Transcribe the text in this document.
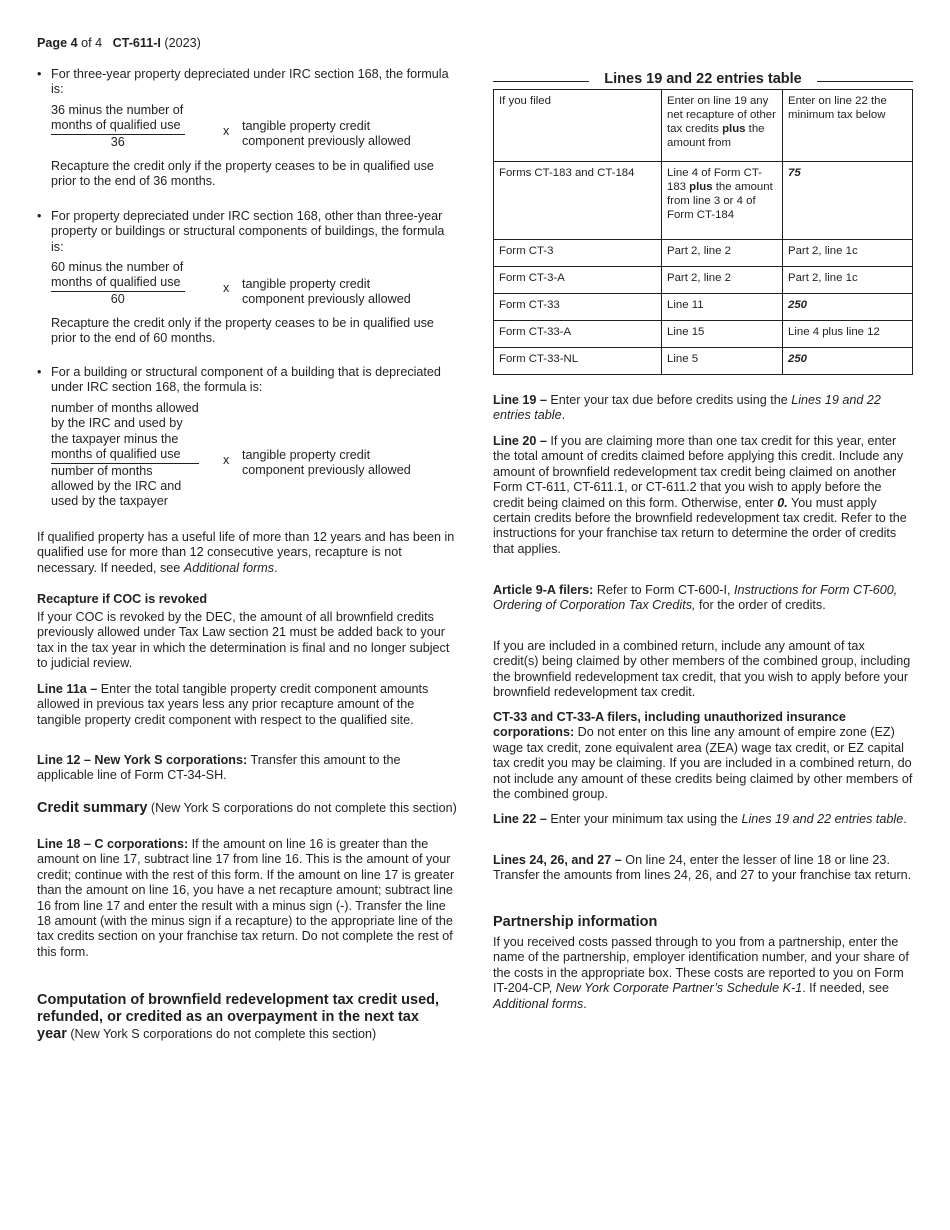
Page 4 of 4 CT-611-I (2023)
• For three-year property depreciated under IRC section 168, the formula is:

36 minus the number of
months of qualified use
36
x tangible property credit
component previously allowed

Recapture the credit only if the property ceases to be in qualified use prior to the end of 36 months.

• For property depreciated under IRC section 168, other than three-year property or buildings or structural components of buildings, the formula is:

60 minus the number of
months of qualified use
60
x tangible property credit
component previously allowed

Recapture the credit only if the property ceases to be in qualified use prior to the end of 60 months.

• For a building or structural component of a building that is depreciated under IRC section 168, the formula is:

number of months allowed
by the IRC and used by
the taxpayer minus the
months of qualified use
number of months
allowed by the IRC and
used by the taxpayer
x tangible property credit
component previously allowed

If qualified property has a useful life of more than 12 years and has been in qualified use for more than 12 consecutive years, recapture is not necessary. If needed, see Additional forms.

Recapture if COC is revoked

If your COC is revoked by the DEC, the amount of all brownfield credits previously allowed under Tax Law section 21 must be added back to your tax in the tax year in which the determination is final and no longer subject to judicial review.

Line 11a – Enter the total tangible property credit component amounts allowed in previous tax years less any prior recapture amount of the tangible property credit component with respect to the qualified site.

Line 12 – New York S corporations: Transfer this amount to the applicable line of Form CT-34-SH.

Credit summary (New York S corporations do not complete this section)

Line 18 – C corporations: If the amount on line 16 is greater than the amount on line 17, subtract line 17 from line 16. This is the amount of your credit; continue with the rest of this form. If the amount on line 17 is greater than the amount on line 16, you have a net recapture amount; subtract line 16 from line 17 and enter the result with a minus sign (-). Transfer the line 18 amount (with the minus sign if a recapture) to the appropriate line of the tax credits section on your franchise tax return. Do not complete the rest of this form.

Computation of brownfield redevelopment tax credit used, refunded, or credited as an overpayment in the next tax year (New York S corporations do not complete this section)

Lines 19 and 22 entries table
If you filed	Enter on line 19 any net recapture of other tax credits plus the amount from	Enter on line 22 the minimum tax below
Forms CT-183 and CT-184	Line 4 of Form CT-183 plus the amount from line 3 or 4 of Form CT-184	75
Form CT-3	Part 2, line 2	Part 2, line 1c
Form CT-3-A	Part 2, line 2	Part 2, line 1c
Form CT-33	Line 11	250
Form CT-33-A	Line 15	Line 4 plus line 12
Form CT-33-NL	Line 5	250

Line 19 – Enter your tax due before credits using the Lines 19 and 22 entries table.

Line 20 – If you are claiming more than one tax credit for this year, enter the total amount of credits claimed before applying this credit. Include any amount of brownfield redevelopment tax credit being claimed on another Form CT-611, CT-611.1, or CT-611.2 that you wish to apply before the credit being claimed on this form. Otherwise, enter 0. You must apply certain credits before the brownfield redevelopment tax credit. Refer to the instructions for your franchise tax return to determine the order of credits that applies.

Article 9-A filers: Refer to Form CT-600-I, Instructions for Form CT-600, Ordering of Corporation Tax Credits, for the order of credits.

If you are included in a combined return, include any amount of tax credit(s) being claimed by other members of the combined group, including the brownfield redevelopment tax credit, that you wish to apply before your brownfield redevelopment tax credit.

CT-33 and CT-33-A filers, including unauthorized insurance corporations: Do not enter on this line any amount of empire zone (EZ) wage tax credit, zone equivalent area (ZEA) wage tax credit, or EZ capital tax credit you may be claiming. If you are included in a combined return, do not include any amount of these credits being claimed by other members of the combined group.

Line 22 – Enter your minimum tax using the Lines 19 and 22 entries table.

Lines 24, 26, and 27 – On line 24, enter the lesser of line 18 or line 23. Transfer the amounts from lines 24, 26, and 27 to your franchise tax return.

Partnership information

If you received costs passed through to you from a partnership, enter the name of the partnership, employer identification number, and your share of the costs in the appropriate box. These costs are reported to you on Form IT-204-CP, New York Corporate Partner’s Schedule K-1. If needed, see Additional forms.
